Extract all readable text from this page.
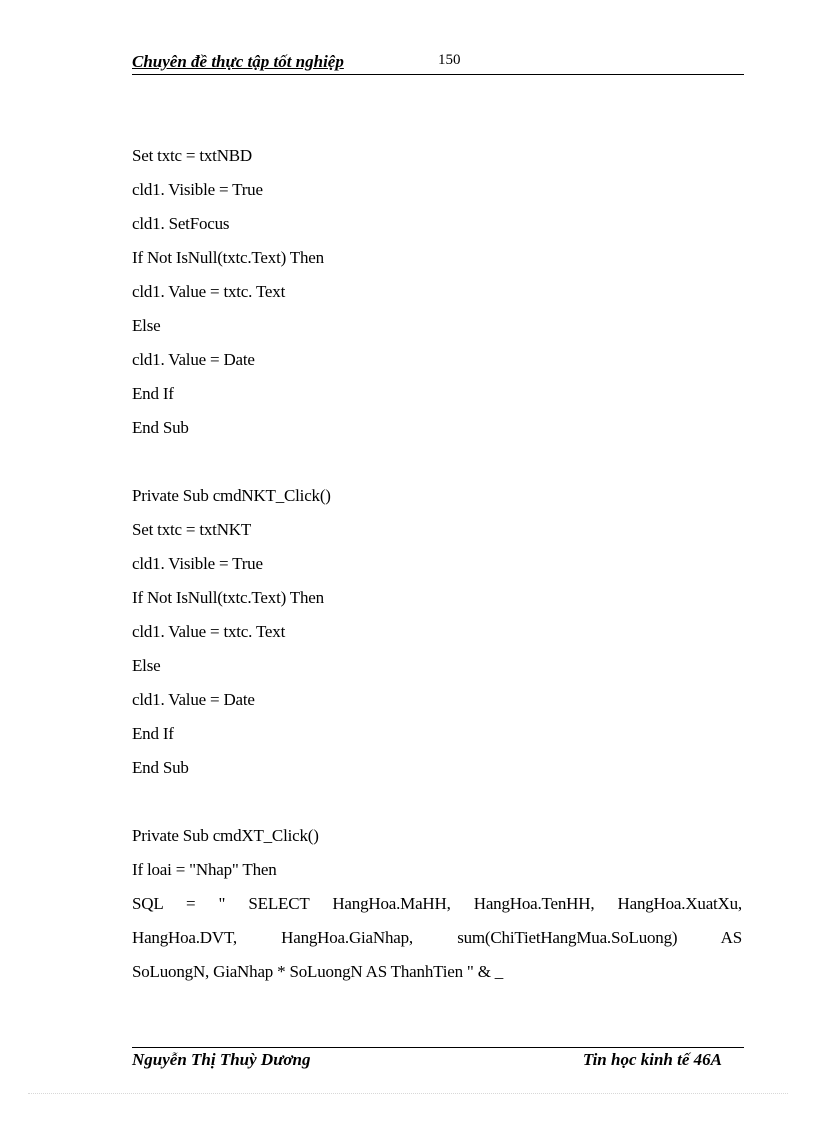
Chuyên đề thực tập tốt nghiệp	150
Set txtc = txtNBD
cld1. Visible = True
cld1. SetFocus
If Not IsNull(txtc.Text) Then
cld1. Value = txtc. Text
Else
cld1. Value = Date
End If
End Sub
Private Sub cmdNKT_Click()
Set txtc = txtNKT
cld1. Visible = True
If Not IsNull(txtc.Text) Then
cld1. Value = txtc. Text
Else
cld1. Value = Date
End If
End Sub
Private Sub cmdXT_Click()
If loai = "Nhap" Then
SQL = " SELECT HangHoa.MaHH, HangHoa.TenHH, HangHoa.XuatXu,
HangHoa.DVT, HangHoa.GiaNhap, sum(ChiTietHangMua.SoLuong) AS
SoLuongN, GiaNhap * SoLuongN AS ThanhTien " & _
Nguyễn Thị Thuỳ Dương	Tin học kinh tế 46A
